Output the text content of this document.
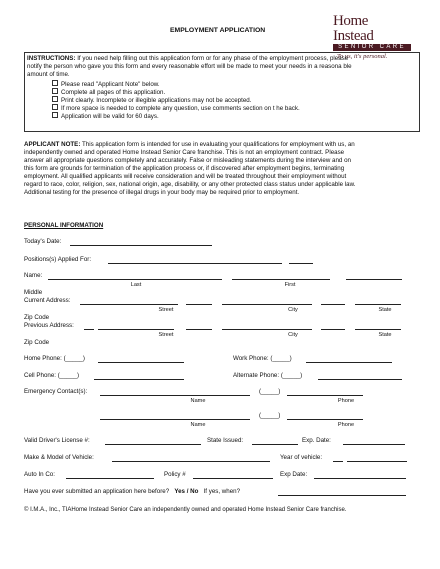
EMPLOYMENT APPLICATION
Home Instead
SENIOR CARE
To us, it's personal.
INSTRUCTIONS: If you need help filling out this application form or for any phase of the employment process, please
notify the person who gave you this form and every reasonable effort will be made to meet your needs in a reasona ble
amount of time.
Please read "Applicant Note" below.
Complete all pages of this application.
Print clearly. Incomplete or illegible applications may not be accepted.
If more space is needed to complete any question, use comments section on t he back.
Application will be valid for 60 days.
APPLICANT NOTE: This application form is intended for use in evaluating your qualifications for employment with us, an
independently owned and operated Home Instead Senior Care franchise. This is not an employment contract. Please
answer all appropriate questions completely and accurately. False or misleading statements during the interview and on
this form are grounds for termination of the application process or, if discovered after employment begins, terminating
employment. All qualified applicants will receive consideration and will be treated throughout their employment without
regard to race, color, religion, sex, national origin, age, disability, or any other protected class status under applicable law.
Additional testing for the presence of illegal drugs in your body may be required prior to employment.
PERSONAL INFORMATION
Today's Date:
Positions(s) Applied For:
Name:
Last	First
Middle
Current Address:
Street	City	State
Zip Code
Previous Address:
Street	City	State
Zip Code
Home Phone: (_____)	Work Phone: (_____)
Cell Phone: (_____)	Alternate Phone: (_____)
Emergency Contact(s):	(_____)
Name	Phone
(_____)
Name	Phone
Valid Driver's License #:	State Issued:	Exp. Date:
Make & Model of Vehicle:	Year of vehicle:
Auto In Co:	Policy #	Exp Date:
Have you ever submitted an application here before? Yes / No If yes, when?
© I.M.A., Inc., TIAHome Instead Senior Care an independently owned and operated Home Instead Senior Care franchise.
